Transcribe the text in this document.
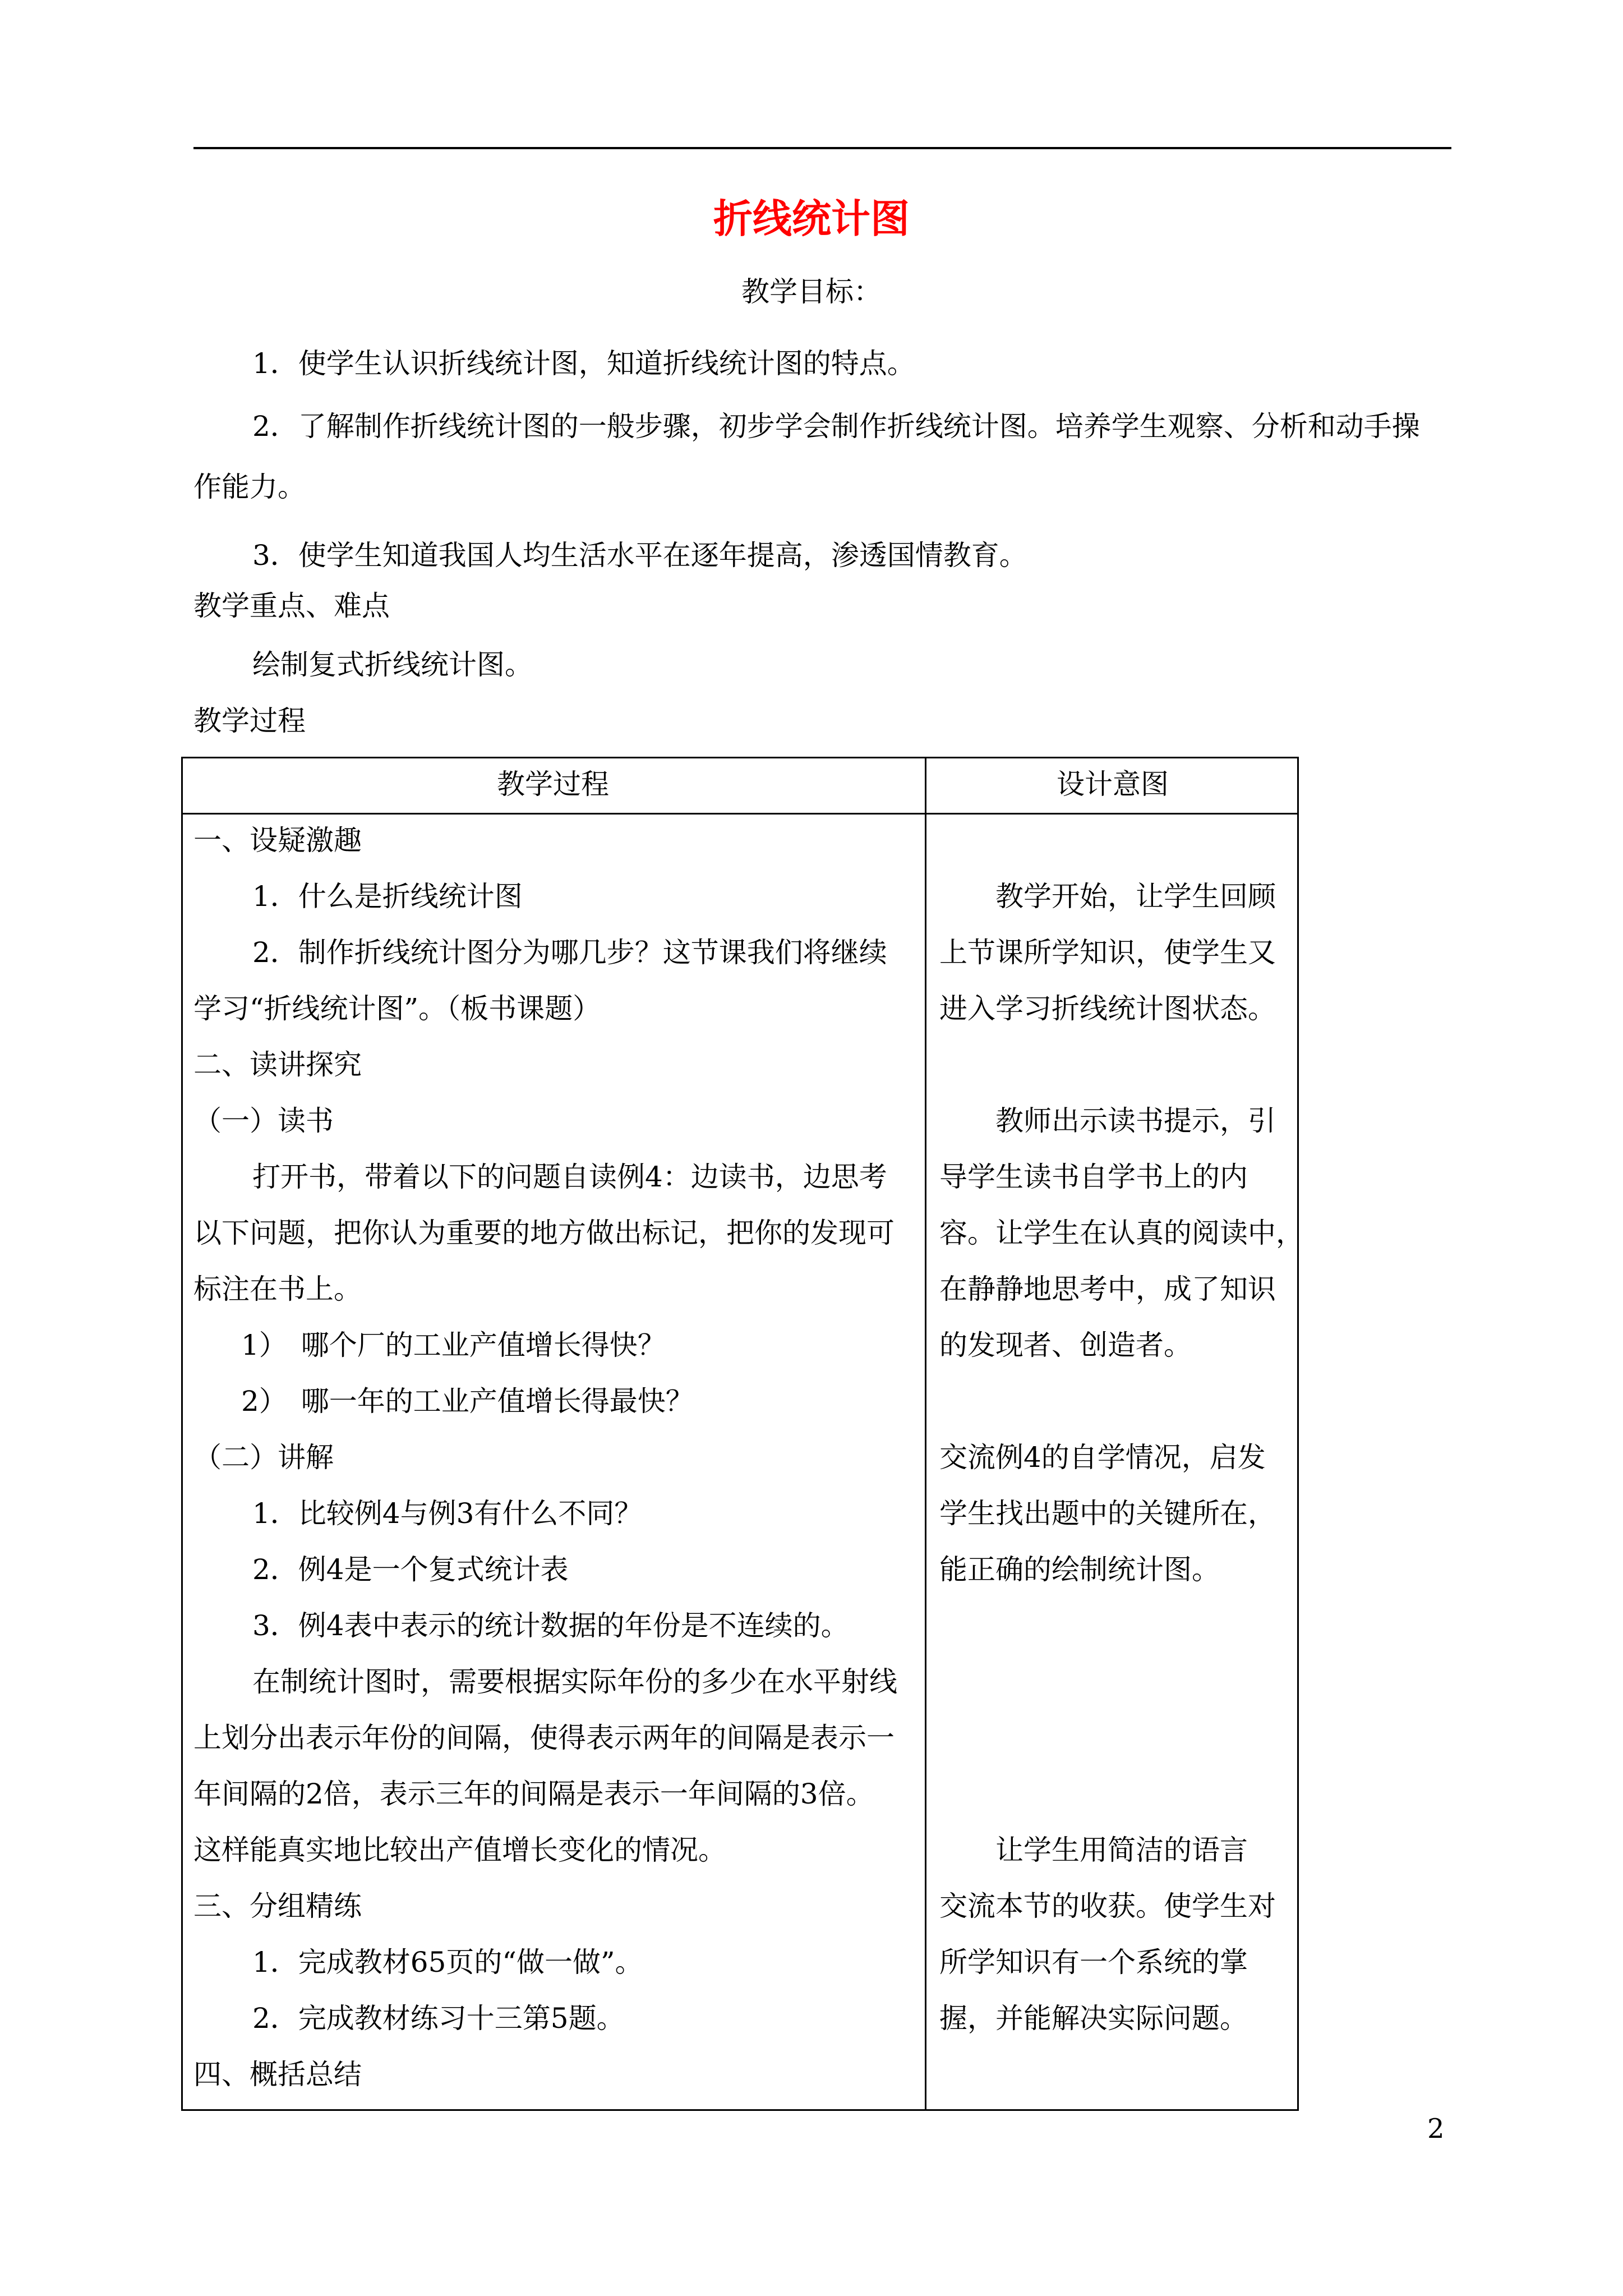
折线统计图
教学目标：
1．使学生认识折线统计图，知道折线统计图的特点。
2．了解制作折线统计图的一般步骤，初步学会制作折线统计图。培养学生观察、分析和动手操
作能力。
3．使学生知道我国人均生活水平在逐年提高，渗透国情教育。
教学重点、难点
绘制复式折线统计图。
教学过程
教学过程	设计意图
一、设疑激趣
1．什么是折线统计图
2．制作折线统计图分为哪几步？这节课我们将继续
学习“折线统计图”。（板书课题）
二、读讲探究
（一）读书
打开书，带着以下的问题自读例4：边读书，边思考
以下问题，把你认为重要的地方做出标记，把你的发现可
标注在书上。
1）　哪个厂的工业产值增长得快？
2）　哪一年的工业产值增长得最快？
（二）讲解
1．比较例4与例3有什么不同？
2．例4是一个复式统计表
3．例4表中表示的统计数据的年份是不连续的。
在制统计图时，需要根据实际年份的多少在水平射线
上划分出表示年份的间隔，使得表示两年的间隔是表示一
年间隔的2倍，表示三年的间隔是表示一年间隔的3倍。
这样能真实地比较出产值增长变化的情况。
三、分组精练
1．完成教材65页的“做一做”。
2．完成教材练习十三第5题。
四、概括总结
教学开始，让学生回顾
上节课所学知识，使学生又
进入学习折线统计图状态。
教师出示读书提示，引
导学生读书自学书上的内
容。让学生在认真的阅读中，
在静静地思考中，成了知识
的发现者、创造者。
交流例4的自学情况，启发
学生找出题中的关键所在，
能正确的绘制统计图。
让学生用简洁的语言
交流本节的收获。使学生对
所学知识有一个系统的掌
握，并能解决实际问题。
2
